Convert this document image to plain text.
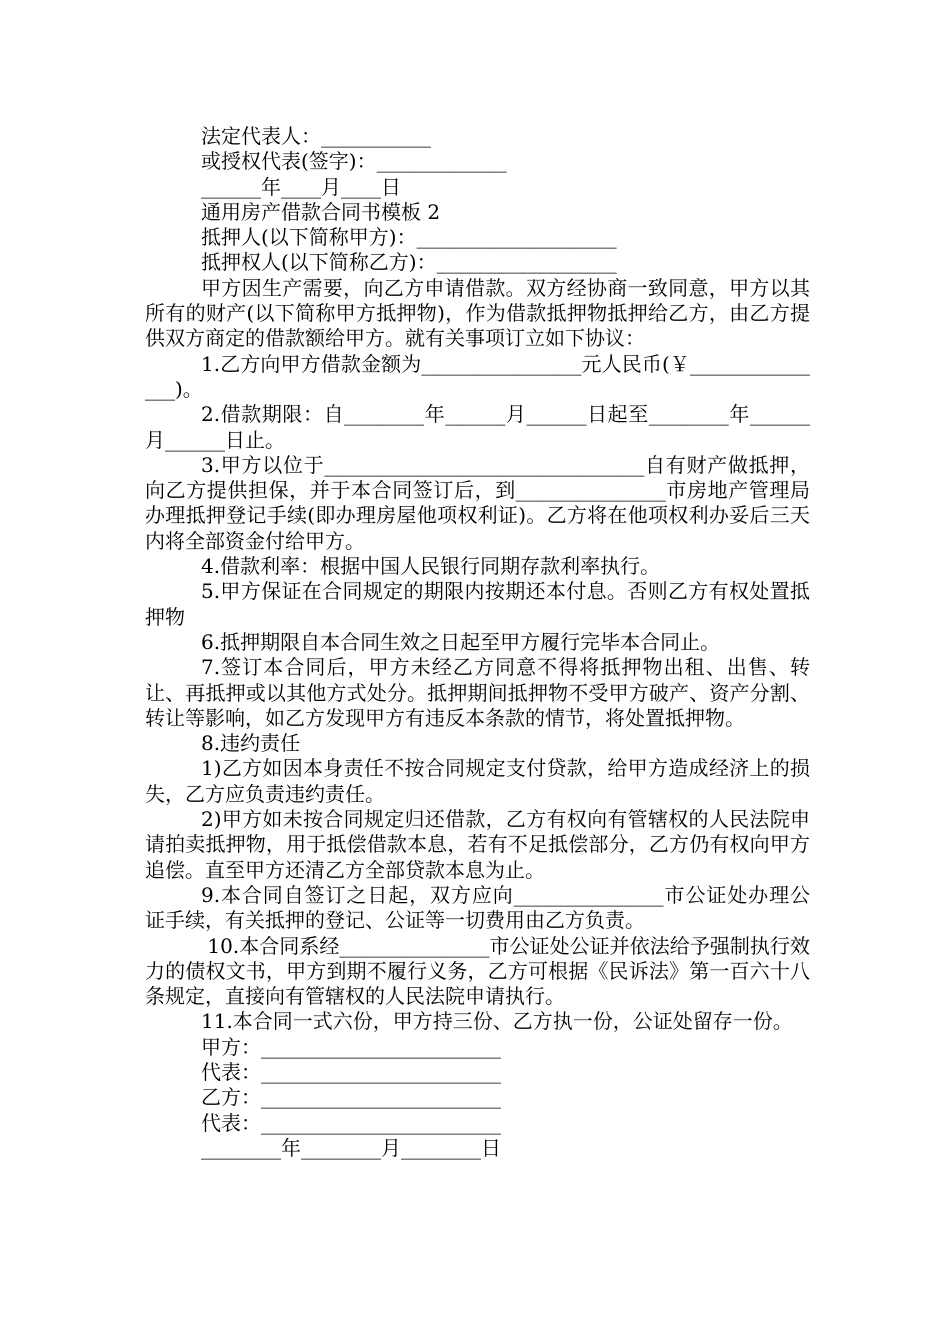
法定代表人：___________
或授权代表(签字)：_____________
______年____月____日
通用房产借款合同书模板 2
抵押人(以下简称甲方)：____________________
抵押权人(以下简称乙方)：__________________
甲方因生产需要，向乙方申请借款。双方经协商一致同意，甲方以其所有的财产(以下简称甲方抵押物)，作为借款抵押物抵押给乙方，由乙方提供双方商定的借款额给甲方。就有关事项订立如下协议：
1.乙方向甲方借款金额为________________元人民币(￥_______________)。
2.借款期限：自________年______月______日起至________年______月______日止。
3.甲方以位于________________________________自有财产做抵押，向乙方提供担保，并于本合同签订后，到_______________市房地产管理局办理抵押登记手续(即办理房屋他项权利证)。乙方将在他项权利办妥后三天内将全部资金付给甲方。
4.借款利率：根据中国人民银行同期存款利率执行。
5.甲方保证在合同规定的期限内按期还本付息。否则乙方有权处置抵押物
6.抵押期限自本合同生效之日起至甲方履行完毕本合同止。
7.签订本合同后，甲方未经乙方同意不得将抵押物出租、出售、转让、再抵押或以其他方式处分。抵押期间抵押物不受甲方破产、资产分割、转让等影响，如乙方发现甲方有违反本条款的情节，将处置抵押物。
8.违约责任
1)乙方如因本身责任不按合同规定支付贷款，给甲方造成经济上的损失，乙方应负责违约责任。
2)甲方如未按合同规定归还借款，乙方有权向有管辖权的人民法院申请拍卖抵押物，用于抵偿借款本息，若有不足抵偿部分，乙方仍有权向甲方追偿。直至甲方还清乙方全部贷款本息为止。
9.本合同自签订之日起，双方应向_______________市公证处办理公证手续，有关抵押的登记、公证等一切费用由乙方负责。
10.本合同系经_______________市公证处公证并依法给予强制执行效力的债权文书，甲方到期不履行义务，乙方可根据《民诉法》第一百六十八条规定，直接向有管辖权的人民法院申请执行。
11.本合同一式六份，甲方持三份、乙方执一份，公证处留存一份。
甲方：________________________
代表：________________________
乙方：________________________
代表：________________________
________年________月________日
